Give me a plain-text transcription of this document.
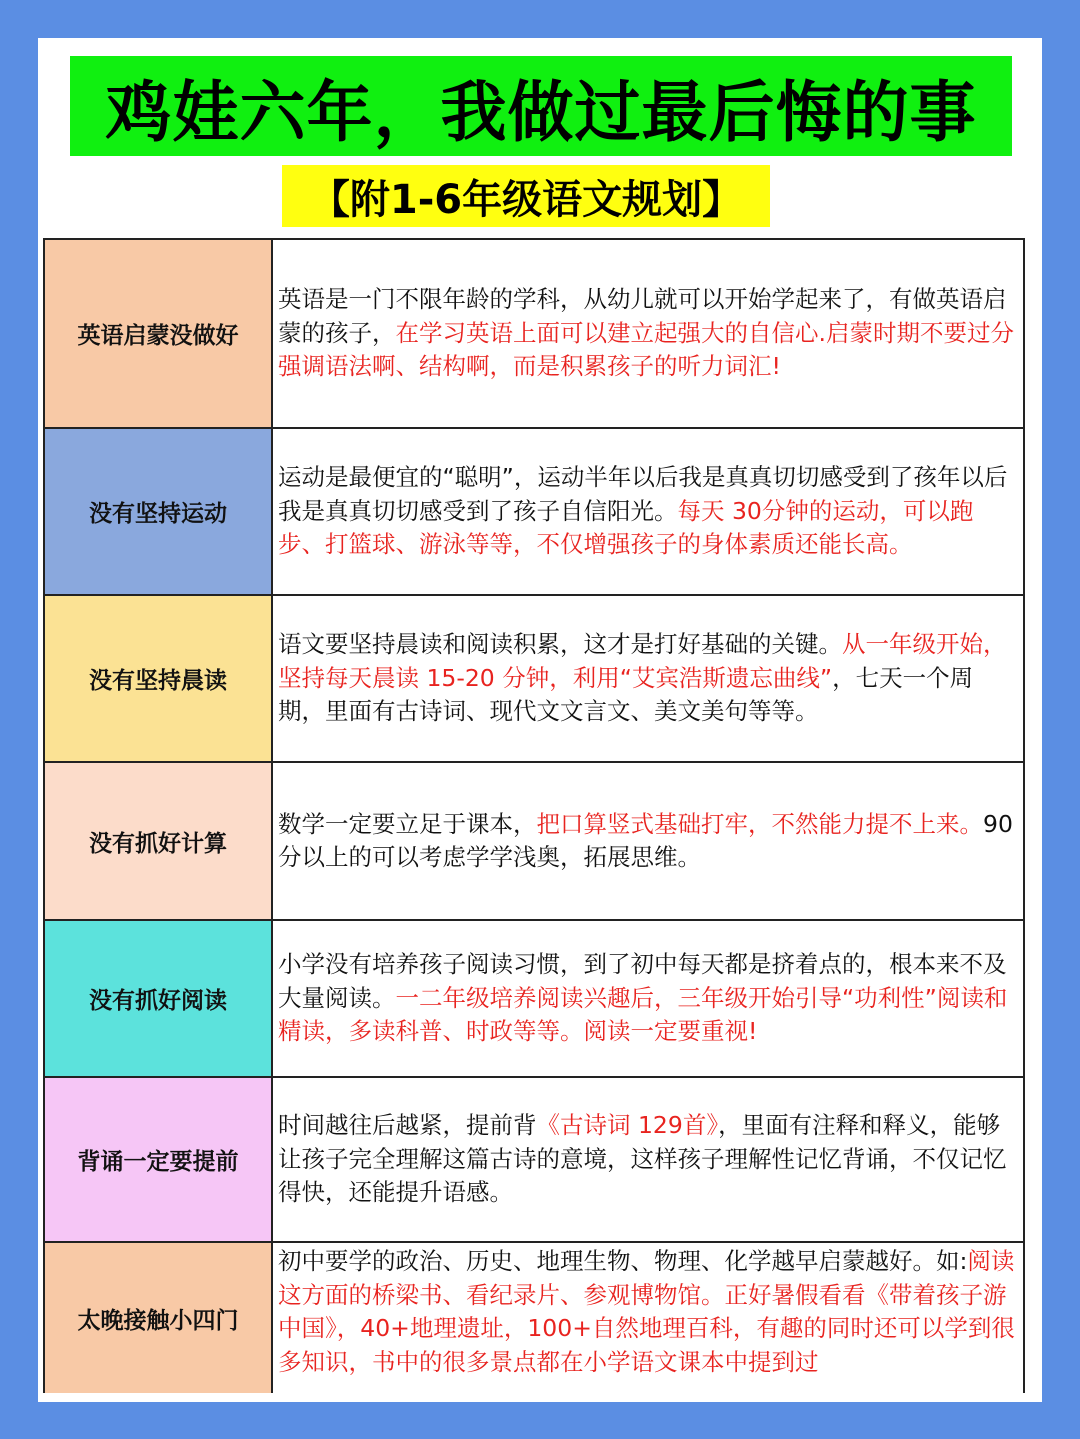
鸡娃六年，我做过最后悔的事
【附1-6年级语文规划】
英语启蒙没做好

英语是一门不限年龄的学科，从幼儿就可以开始学起来了，有做英语启蒙的孩子，在学习英语上面可以建立起强大的自信心.启蒙时期不要过分强调语法啊、结构啊，而是积累孩子的听力词汇!

没有坚持运动

运动是最便宜的“聪明”，运动半年以后我是真真切切感受到了孩年以后我是真真切切感受到了孩子自信阳光。每天 30分钟的运动，可以跑步、打篮球、游泳等等，不仅增强孩子的身体素质还能长高。

没有坚持晨读

语文要坚持晨读和阅读积累，这才是打好基础的关键。从一年级开始，坚持每天晨读 15-20 分钟，利用“艾宾浩斯遗忘曲线”，七天一个周期，里面有古诗词、现代文文言文、美文美句等等。

没有抓好计算

数学一定要立足于课本，把口算竖式基础打牢，不然能力提不上来。90分以上的可以考虑学学浅奥，拓展思维。

没有抓好阅读

小学没有培养孩子阅读习惯，到了初中每天都是挤着点的，根本来不及大量阅读。一二年级培养阅读兴趣后，三年级开始引导“功利性”阅读和精读，多读科普、时政等等。阅读一定要重视!

背诵一定要提前

时间越往后越紧，提前背《古诗词 129首》，里面有注释和释义，能够让孩子完全理解这篇古诗的意境，这样孩子理解性记忆背诵，不仅记忆得快，还能提升语感。

太晚接触小四门

初中要学的政治、历史、地理生物、物理、化学越早启蒙越好。如:阅读这方面的桥梁书、看纪录片、参观博物馆。正好暑假看看《带着孩子游中国》，40+地理遗址，100+自然地理百科，有趣的同时还可以学到很多知识，书中的很多景点都在小学语文课本中提到过
